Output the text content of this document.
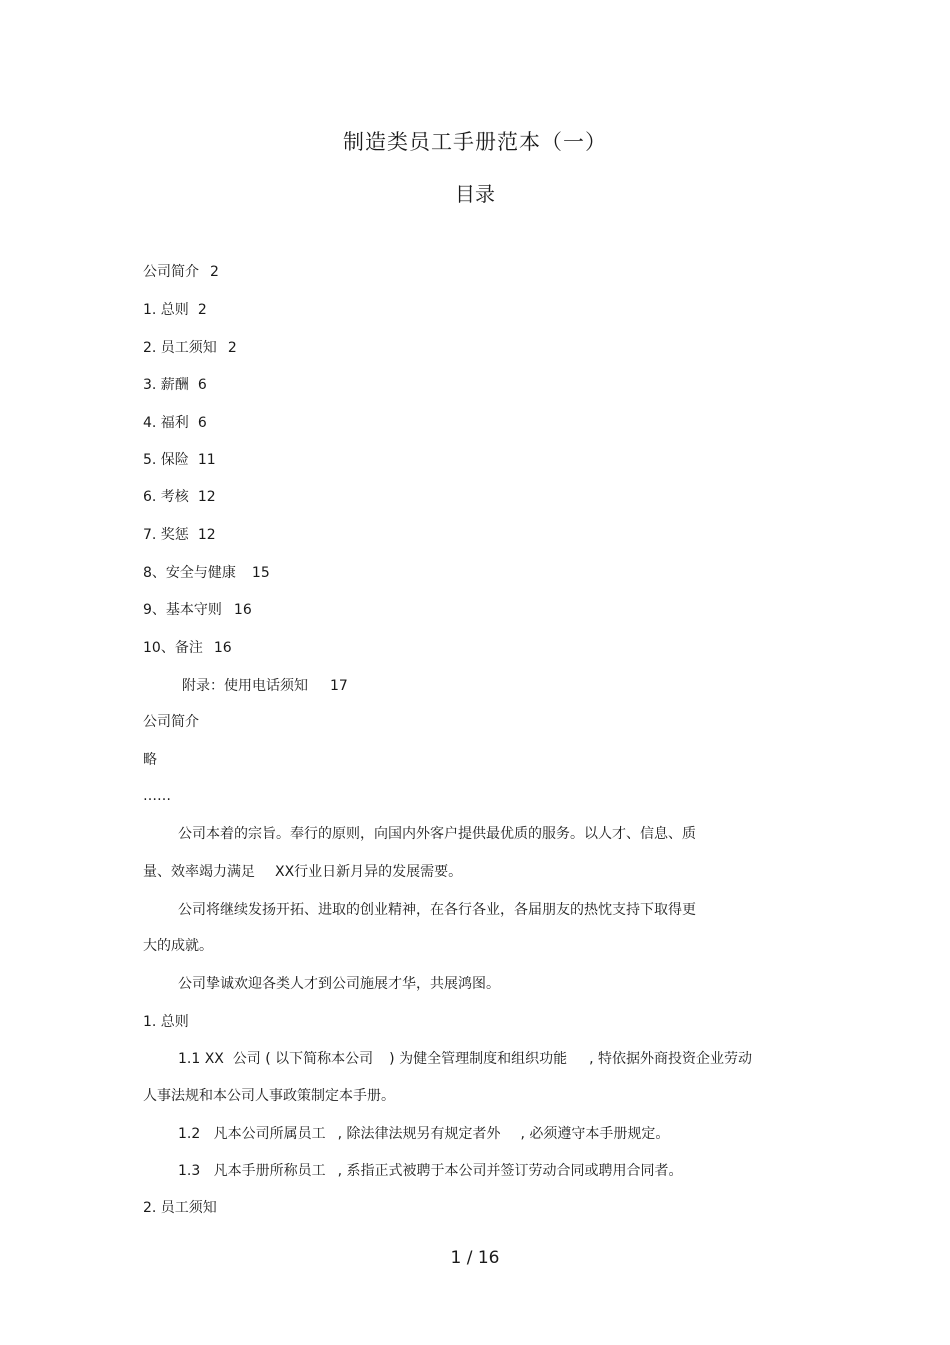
制造类员工手册范本（一）
目录
公司简介 2
1. 总则 2
2. 员工须知 2
3. 薪酬 6
4. 福利 6
5. 保险 11
6. 考核 12
7. 奖惩 12
8、安全与健康 15
9、基本守则 16
10、备注 16
附录：使用电话须知 17
公司简介
略
……
公司本着的宗旨。奉行的原则，向国内外客户提供最优质的服务。以人才、信息、质
量、效率竭力满足 XX行业日新月异的发展需要。
公司将继续发扬开拓、进取的创业精神，在各行各业，各届朋友的热忱支持下取得更
大的成就。
公司挚诚欢迎各类人才到公司施展才华，共展鸿图。
1. 总则
1.1 XX  公司 ( 以下简称本公司 ) 为健全管理制度和组织功能 , 特依据外商投资企业劳动
人事法规和本公司人事政策制定本手册。
1.2   凡本公司所属员工 , 除法律法规另有规定者外 , 必须遵守本手册规定。
1.3   凡本手册所称员工 , 系指正式被聘于本公司并签订劳动合同或聘用合同者。
2. 员工须知
1 / 16
